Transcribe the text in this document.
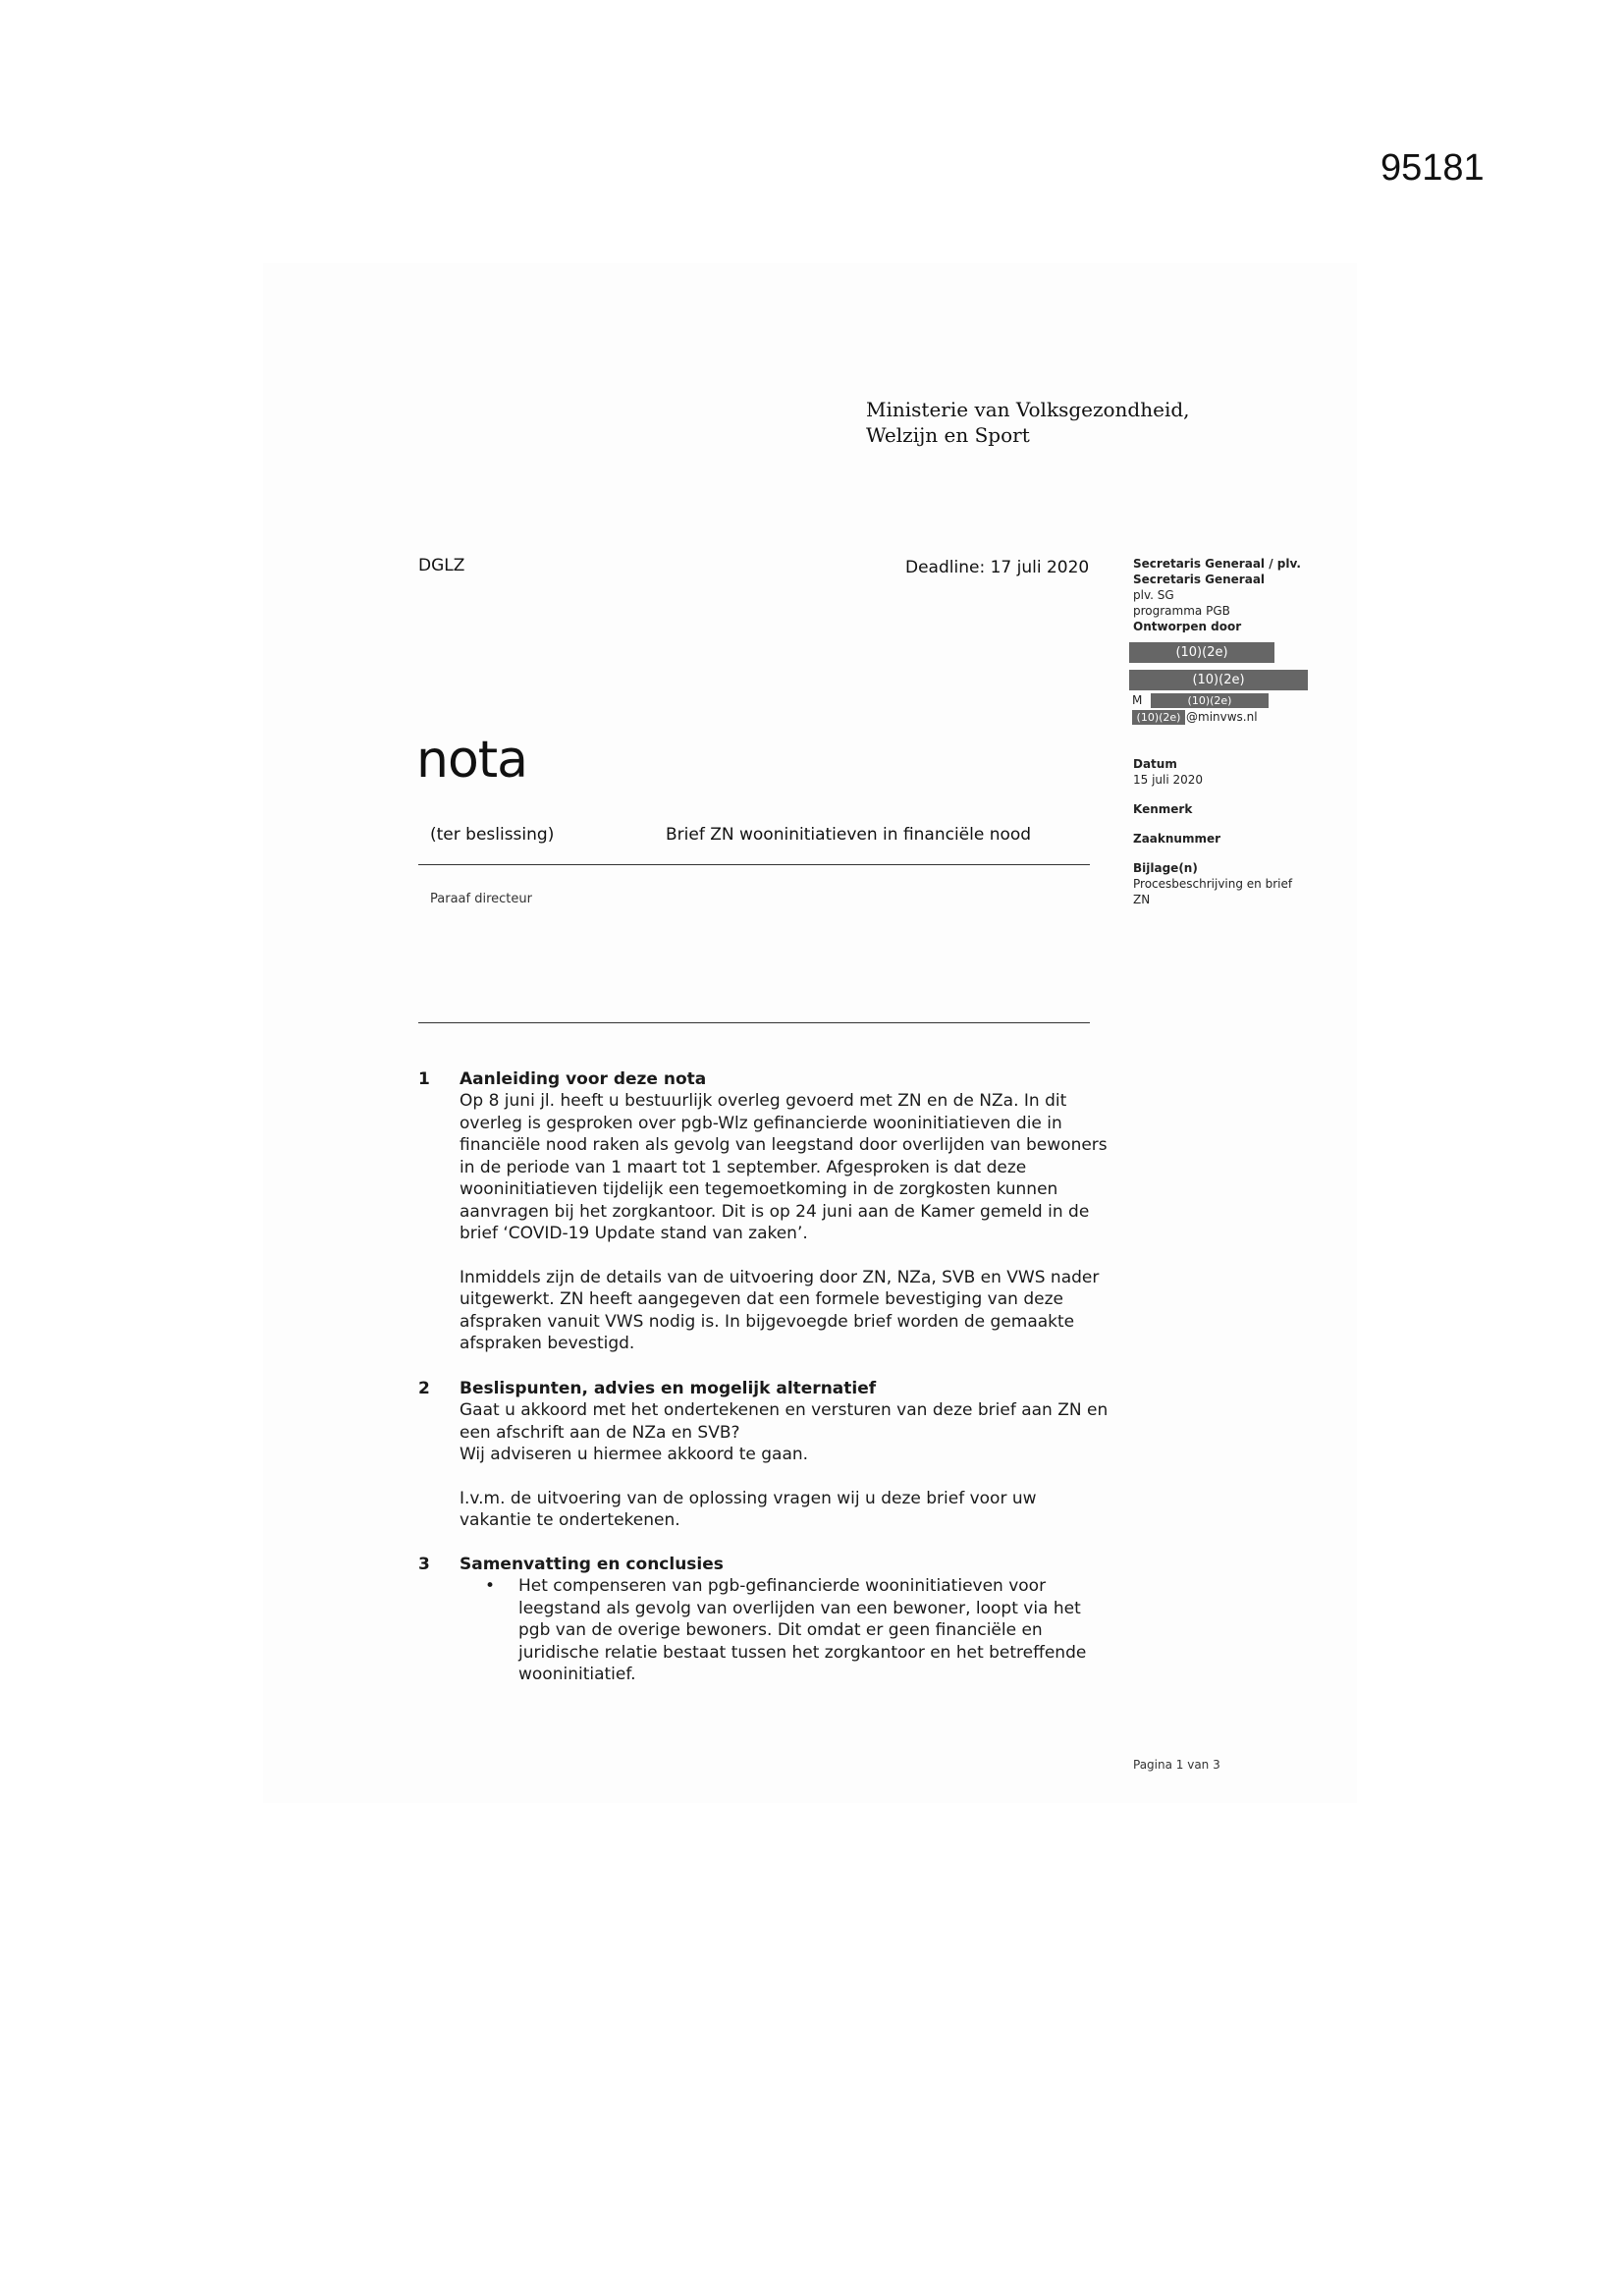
95181
Ministerie van Volksgezondheid,
Welzijn en Sport
DGLZ	Deadline: 17 juli 2020
nota
(ter beslissing)	Brief ZN wooninitiatieven in financiële nood
Paraaf directeur
Secretaris Generaal / plv.
Secretaris Generaal
plv. SG
programma PGB
Ontworpen door
(10)(2e)
(10)(2e)
M	(10)(2e)
(10)(2e) @minvws.nl
Datum
15 juli 2020
Kenmerk
Zaaknummer
Bijlage(n)
Procesbeschrijving en brief
ZN
1 Aanleiding voor deze nota

Op 8 juni jl. heeft u bestuurlijk overleg gevoerd met ZN en de NZa. In dit

overleg is gesproken over pgb-Wlz gefinancierde wooninitiatieven die in

financiële nood raken als gevolg van leegstand door overlijden van bewoners

in de periode van 1 maart tot 1 september. Afgesproken is dat deze

wooninitiatieven tijdelijk een tegemoetkoming in de zorgkosten kunnen

aanvragen bij het zorgkantoor. Dit is op 24 juni aan de Kamer gemeld in de

brief ‘COVID-19 Update stand van zaken’.

Inmiddels zijn de details van de uitvoering door ZN, NZa, SVB en VWS nader

uitgewerkt. ZN heeft aangegeven dat een formele bevestiging van deze

afspraken vanuit VWS nodig is. In bijgevoegde brief worden de gemaakte

afspraken bevestigd.

2 Beslispunten, advies en mogelijk alternatief

Gaat u akkoord met het ondertekenen en versturen van deze brief aan ZN en

een afschrift aan de NZa en SVB?

Wij adviseren u hiermee akkoord te gaan.

I.v.m. de uitvoering van de oplossing vragen wij u deze brief voor uw

vakantie te ondertekenen.

3 Samenvatting en conclusies
• Het compenseren van pgb-gefinancierde wooninitiatieven voor

leegstand als gevolg van overlijden van een bewoner, loopt via het

pgb van de overige bewoners. Dit omdat er geen financiële en

juridische relatie bestaat tussen het zorgkantoor en het betreffende

wooninitiatief.

Pagina 1 van 3
